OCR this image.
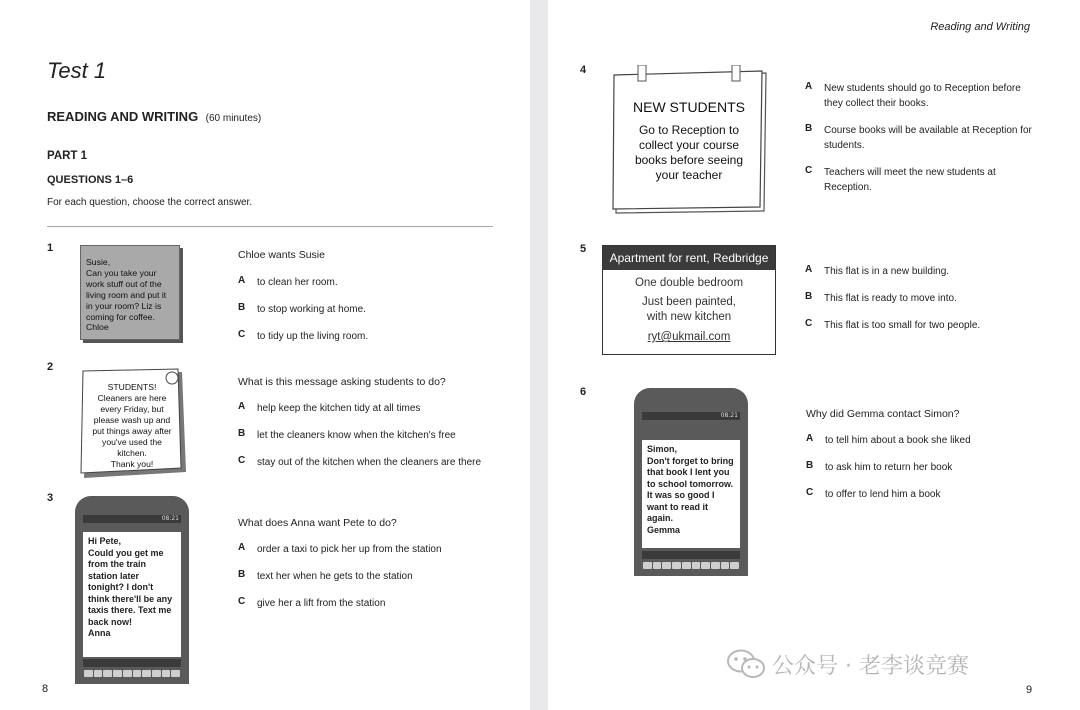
Test 1
READING AND WRITING (60 minutes)
PART 1
QUESTIONS 1–6
For each question, choose the correct answer.
1
Susie,
Can you take your work stuff out of the living room and put it in your room? Liz is coming for coffee.
Chloe
Chloe wants Susie
A	to clean her room.
B	to stop working at home.
C	to tidy up the living room.
2
STUDENTS!
Cleaners are here every Friday, but please wash up and put things away after you've used the kitchen.
Thank you!
What is this message asking students to do?
A	help keep the kitchen tidy at all times
B	let the cleaners know when the kitchen's free
C	stay out of the kitchen when the cleaners are there
3
08:21
Hi Pete,
Could you get me from the train station later tonight? I don't think there'll be any taxis there. Text me back now!
Anna
What does Anna want Pete to do?
A	order a taxi to pick her up from the station
B	text her when he gets to the station
C	give her a lift from the station
8
Reading and Writing
4
NEW STUDENTS
Go to Reception to collect your course books before seeing your teacher
A	New students should go to Reception before they collect their books.
B	Course books will be available at Reception for students.
C	Teachers will meet the new students at Reception.
5
Apartment for rent, Redbridge
One double bedroom
Just been painted,
with new kitchen
ryt@ukmail.com
A	This flat is in a new building.
B	This flat is ready to move into.
C	This flat is too small for two people.
6
08:21
Simon,
Don't forget to bring that book I lent you to school tomorrow. It was so good I want to read it again.
Gemma
Why did Gemma contact Simon?
A	to tell him about a book she liked
B	to ask him to return her book
C	to offer to lend him a book
公众号 · 老李谈竞赛
9
